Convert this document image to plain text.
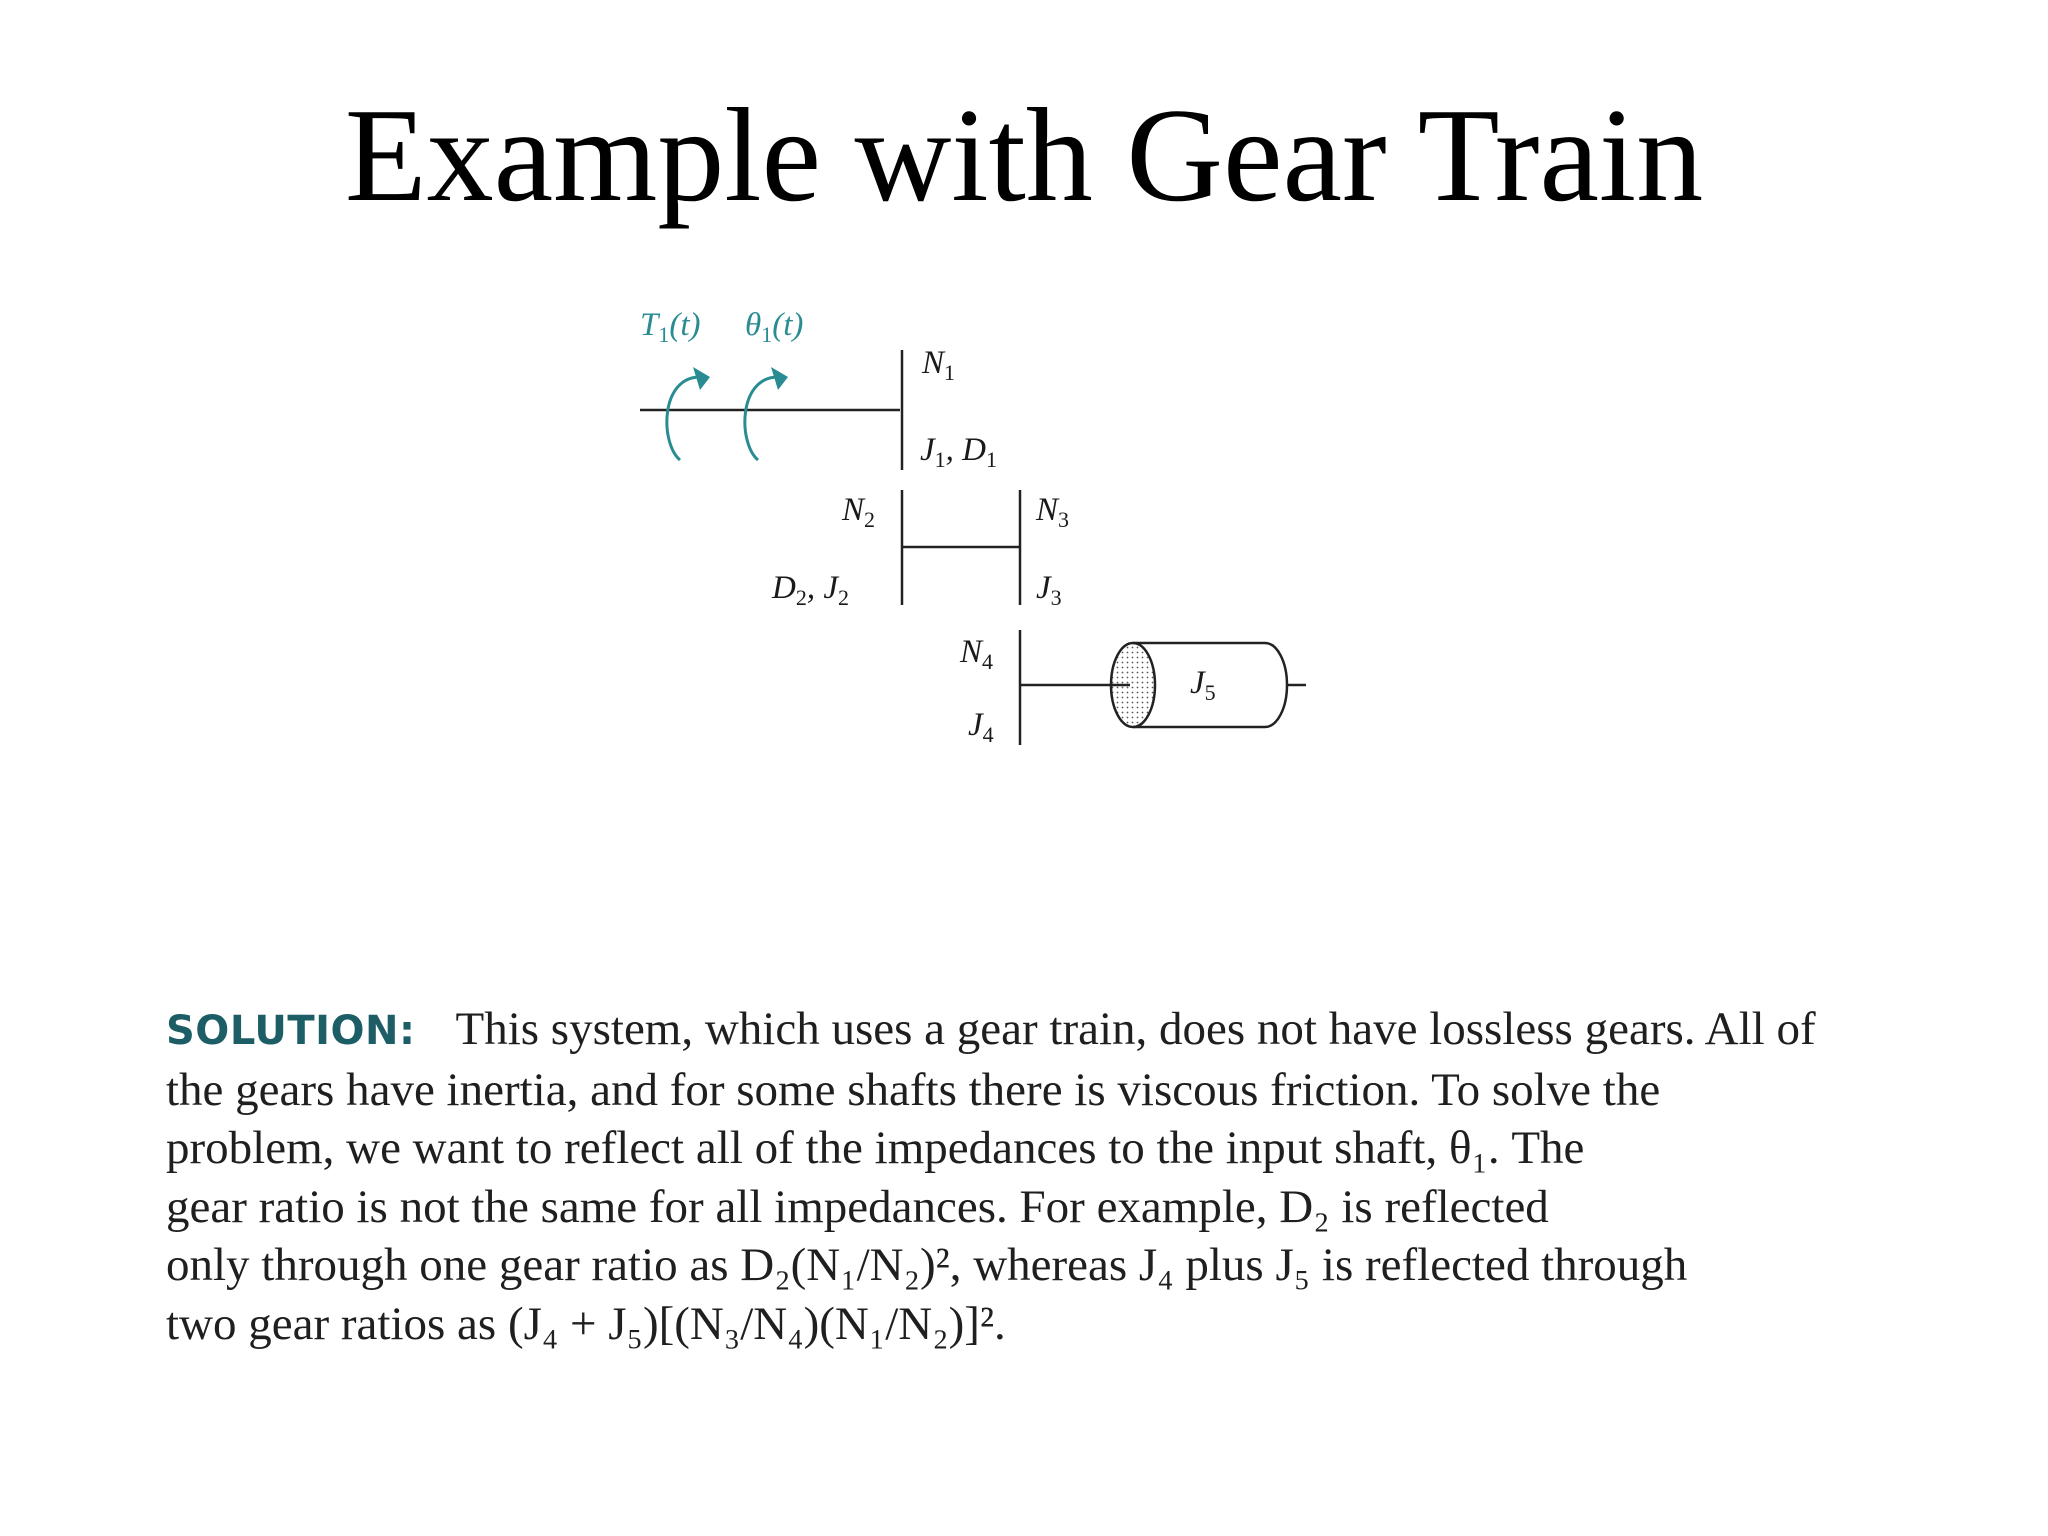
Example with Gear Train
$T_1(t)$ $\theta_1(t)$
$N_1$
$J_1$, $D_1$
$N_2$
$D_2$, $J_2$
$N_3$
$J_3$
$N_4$
$J_4$
$J_5$
SOLUTION: This system, which uses a gear train, does not have lossless gears. All of
the gears have inertia, and for some shafts there is viscous friction. To solve the
problem, we want to reflect all of the impedances to the input shaft, θ₁. The
gear ratio is not the same for all impedances. For example, D₂ is reflected
only through one gear ratio as D₂(N₁/N₂)², whereas J₄ plus J₅ is reflected through
two gear ratios as (J₄ + J₅)[(N₃/N₄)(N₁/N₂)]².
